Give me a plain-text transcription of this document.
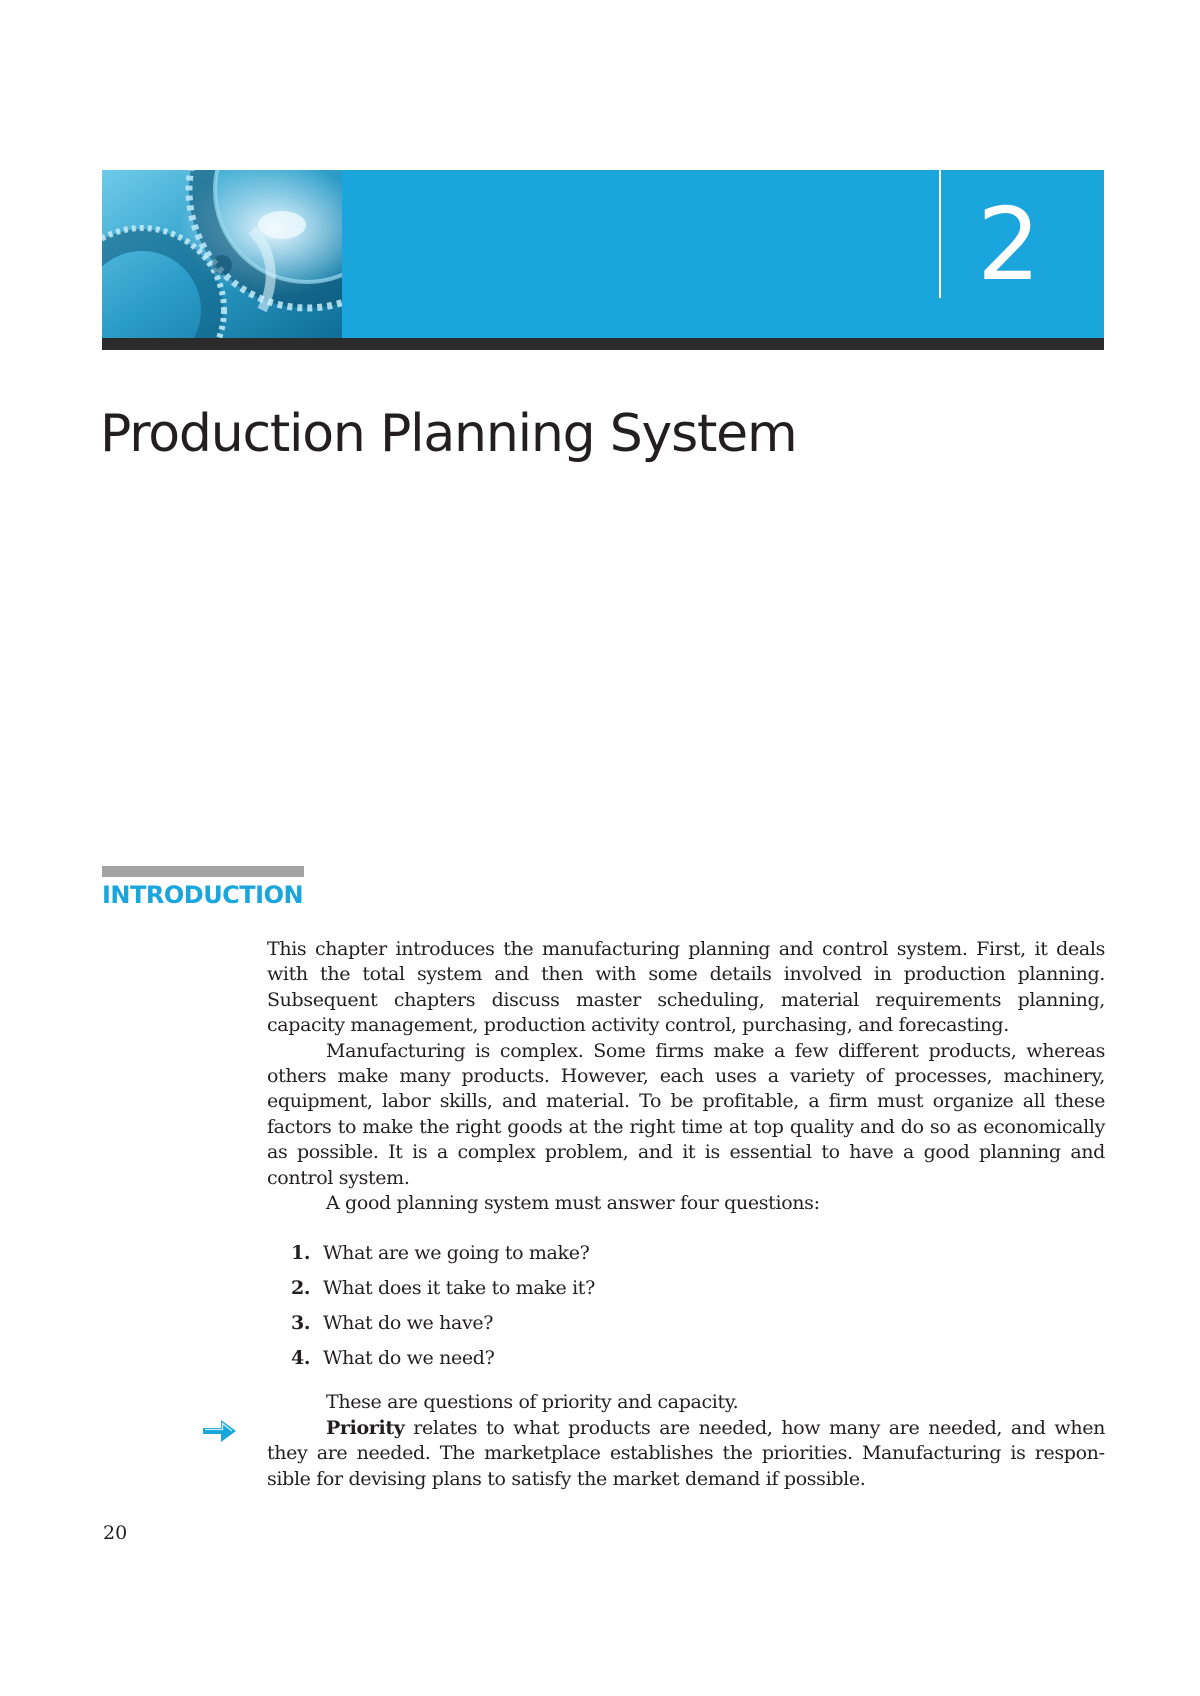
2
Production Planning System
INTRODUCTION

This chapter introduces the manufacturing planning and control system. First, it deals with the total system and then with some details involved in production planning. Subsequent chapters discuss master scheduling, material requirements planning, capacity management, production activity control, purchasing, and forecasting.

Manufacturing is complex. Some firms make a few different products, whereas others make many products. However, each uses a variety of processes, machinery, equipment, labor skills, and material. To be profitable, a firm must organize all these factors to make the right goods at the right time at top quality and do so as economically as possible. It is a complex problem, and it is essential to have a good planning and control system.

A good planning system must answer four questions:

1. What are we going to make?
2. What does it take to make it?
3. What do we have?
4. What do we need?

These are questions of priority and capacity.

Priority relates to what products are needed, how many are needed, and when they are needed. The marketplace establishes the priorities. Manufacturing is responsible for devising plans to satisfy the market demand if possible.

20
